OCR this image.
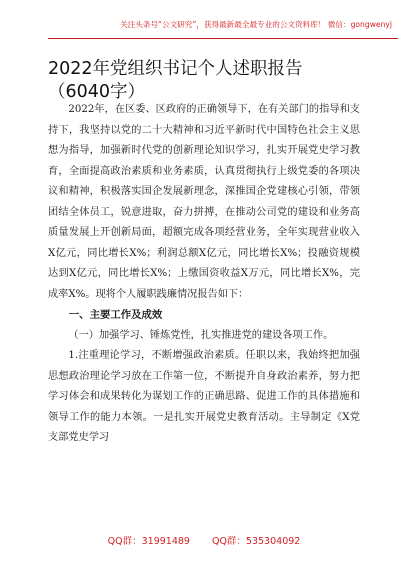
关注头条号“公文研究”，获得最新最全最专业的公文资料库！ 微信：gongwenyj
2022年党组织书记个人述职报告（6040字）

2022年，在区委、区政府的正确领导下，在有关部门的指导和支持下，我坚持以党的二十大精神和习近平新时代中国特色社会主义思想为指导，加强新时代党的创新理论知识学习，扎实开展党史学习教育，全面提高政治素质和业务素质，认真贯彻执行上级党委的各项决议和精神，积极落实国企发展新理念，深推国企党建核心引领，带领团结全体员工，锐意进取，奋力拼搏，在推动公司党的建设和业务高质量发展上开创新局面，超额完成各项经营业务，全年实现营业收入X亿元，同比增长X%；利润总额X亿元，同比增长X%；投融资规模达到X亿元，同比增长X%；上缴国资收益X万元，同比增长X%，完成率X%。现将个人履职践廉情况报告如下：

一、主要工作及成效
（一）加强学习、锤炼党性，扎实推进党的建设各项工作。

1.注重理论学习，不断增强政治素质。任职以来，我始终把加强思想政治理论学习放在工作第一位，不断提升自身政治素养，努力把学习体会和成果转化为谋划工作的正确思路、促进工作的具体措施和领导工作的能力本领。一是扎实开展党史教育活动。主导制定《X党支部党史学习

QQ群：31991489 QQ群：535304092
